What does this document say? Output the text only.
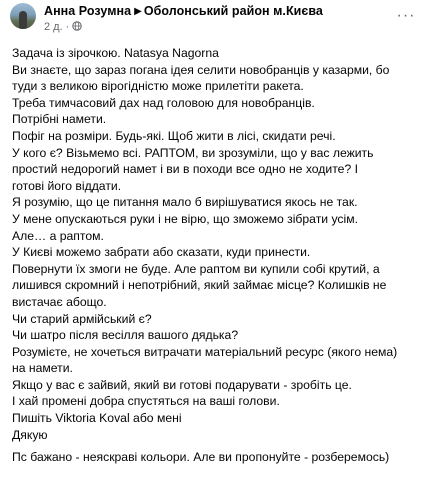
Анна Розумна ▶ Оболонський район м.Києва
2 д. ·
···
Задача із зірочкою. Natasya Nagorna
Ви знаєте, що зараз погана ідея селити новобранців у казарми, бо
туди з великою вірогідністю може прилетіти ракета.
Треба тимчасовий дах над головою для новобранців.
Потрібні намети.
Пофіг на розміри. Будь-які. Щоб жити в лісі, скидати речі.
У кого є? Візьмемо всі. РАПТОМ, ви зрозуміли, що у вас лежить
простий недорогий намет і ви в походи все одно не ходите? І
готові його віддати.
Я розумію, що це питання мало б вирішуватися якось не так.
У мене опускаються руки і не вірю, що зможемо зібрати усім.
Але… а раптом.
У Києві можемо забрати або сказати, куди принести.
Повернути їх змоги не буде. Але раптом ви купили собі крутий, а
лишився скромний і непотрібний, який займає місце? Колишків не
вистачає абощо.
Чи старий армійський є?
Чи шатро після весілля вашого дядька?
Розумієте, не хочеться витрачати матеріальний ресурс (якого нема)
на намети.
Якщо у вас є зайвий, який ви готові подарувати - зробіть це.
І хай промені добра спустяться на ваші голови.
Пишіть Viktoria Koval або мені
Дякую
Пс бажано - неяскраві кольори. Але ви пропонуйте - розберемось)
